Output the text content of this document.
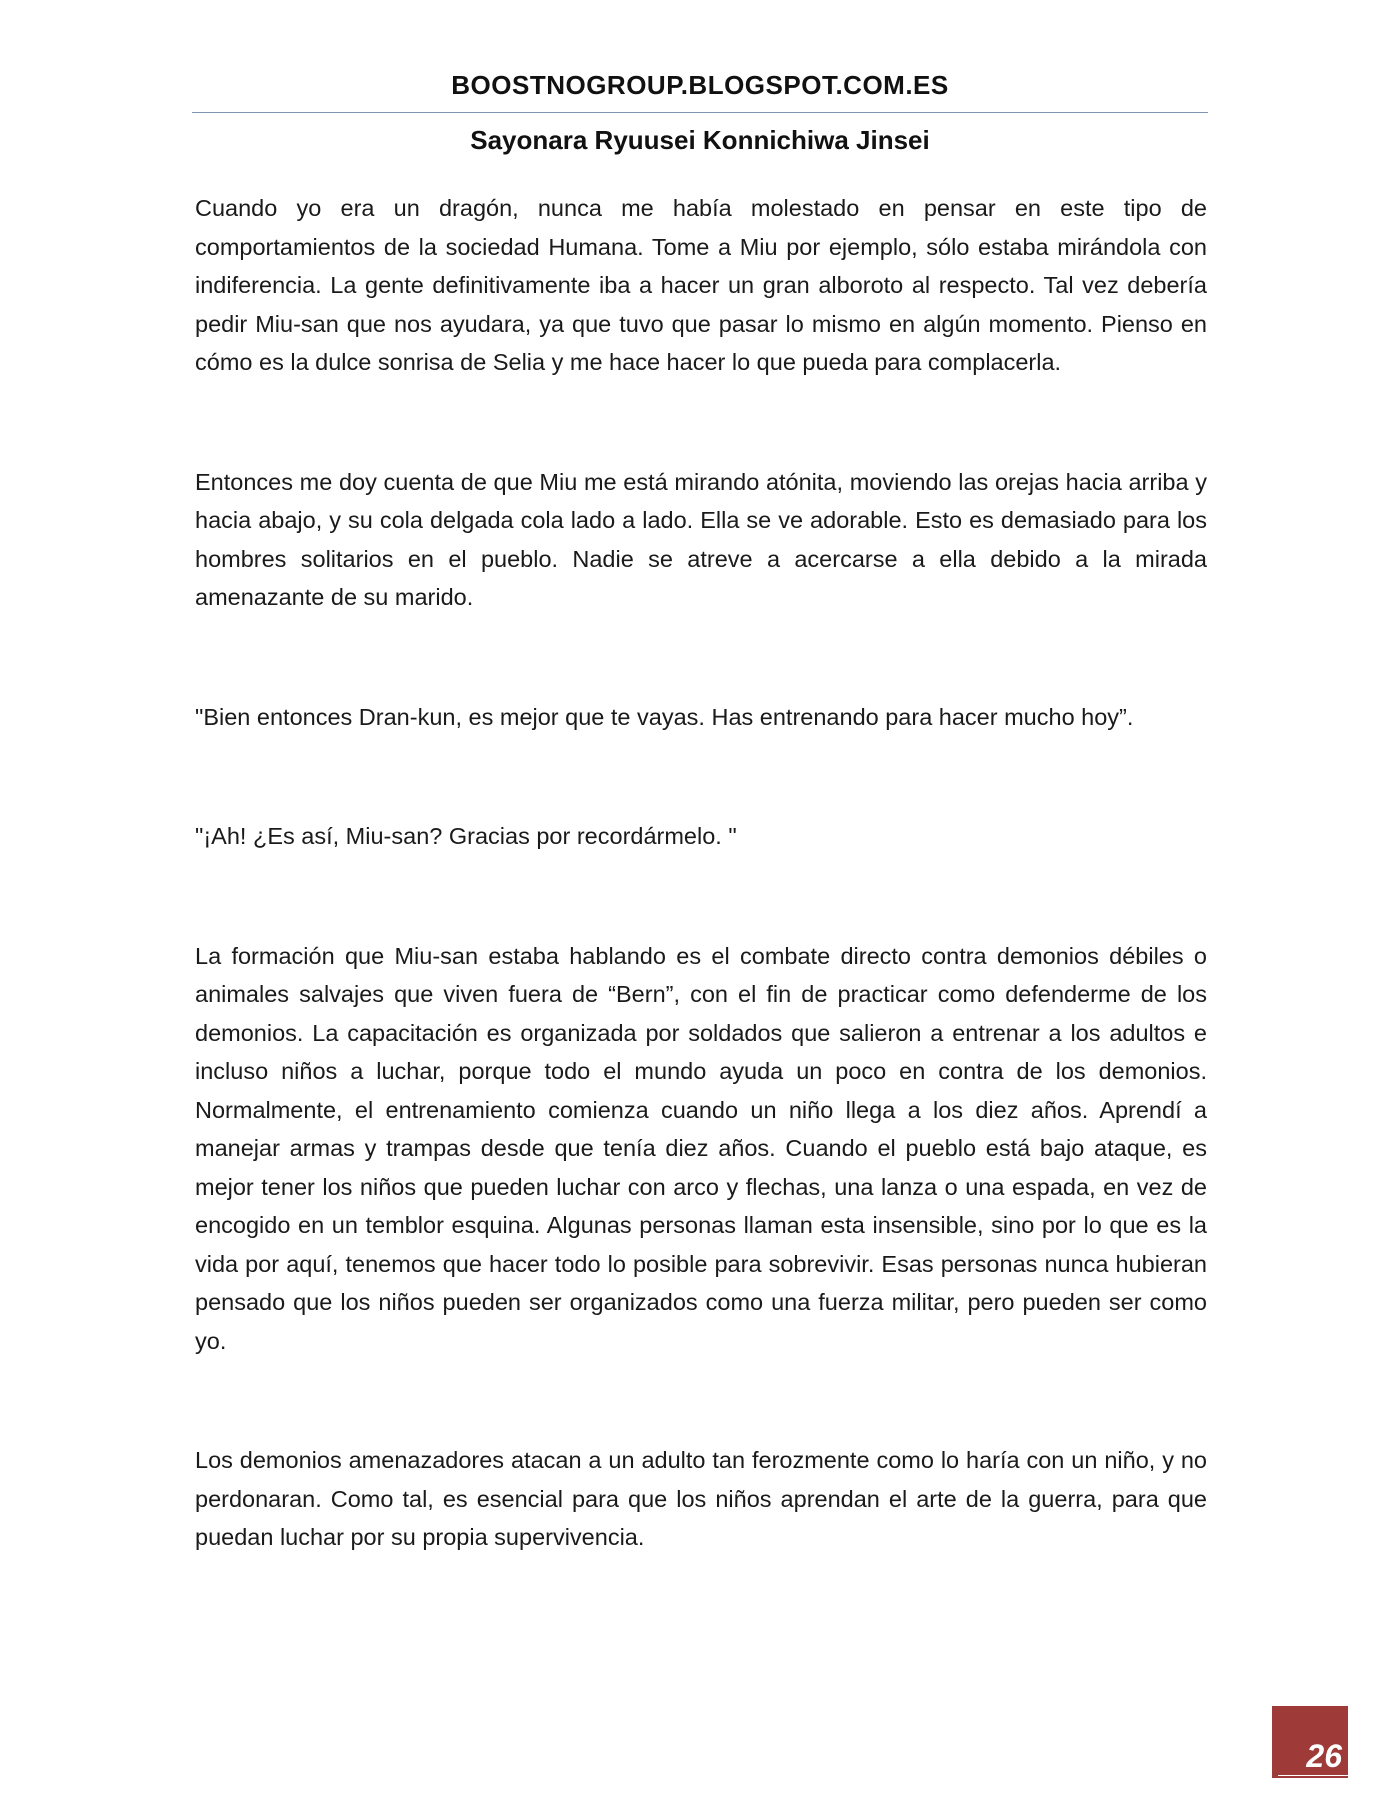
BOOSTNOGROUP.BLOGSPOT.COM.ES
Sayonara Ryuusei Konnichiwa Jinsei

Cuando yo era un dragón, nunca me había molestado en pensar en este tipo de comportamientos de la sociedad Humana. Tome a Miu por ejemplo, sólo estaba mirándola con indiferencia. La gente definitivamente iba a hacer un gran alboroto al respecto. Tal vez debería pedir Miu-san que nos ayudara, ya que tuvo que pasar lo mismo en algún momento. Pienso en cómo es la dulce sonrisa de Selia y me hace hacer lo que pueda para complacerla.

Entonces me doy cuenta de que Miu me está mirando atónita, moviendo las orejas hacia arriba y hacia abajo, y su cola delgada cola lado a lado. Ella se ve adorable. Esto es demasiado para los hombres solitarios en el pueblo. Nadie se atreve a acercarse a ella debido a la mirada amenazante de su marido.

"Bien entonces Dran-kun, es mejor que te vayas. Has entrenando para hacer mucho hoy”.

"¡Ah! ¿Es así, Miu-san? Gracias por recordármelo. "

La formación que Miu-san estaba hablando es el combate directo contra demonios débiles o animales salvajes que viven fuera de “Bern”, con el fin de practicar como defenderme de los demonios. La capacitación es organizada por soldados que salieron a entrenar a los adultos e incluso niños a luchar, porque todo el mundo ayuda un poco en contra de los demonios. Normalmente, el entrenamiento comienza cuando un niño llega a los diez años. Aprendí a manejar armas y trampas desde que tenía diez años. Cuando el pueblo está bajo ataque, es mejor tener los niños que pueden luchar con arco y flechas, una lanza o una espada, en vez de encogido en un temblor esquina. Algunas personas llaman esta insensible, sino por lo que es la vida por aquí, tenemos que hacer todo lo posible para sobrevivir. Esas personas nunca hubieran pensado que los niños pueden ser organizados como una fuerza militar, pero pueden ser como yo.

Los demonios amenazadores atacan a un adulto tan ferozmente como lo haría con un niño, y no perdonaran. Como tal, es esencial para que los niños aprendan el arte de la guerra, para que puedan luchar por su propia supervivencia.

26
